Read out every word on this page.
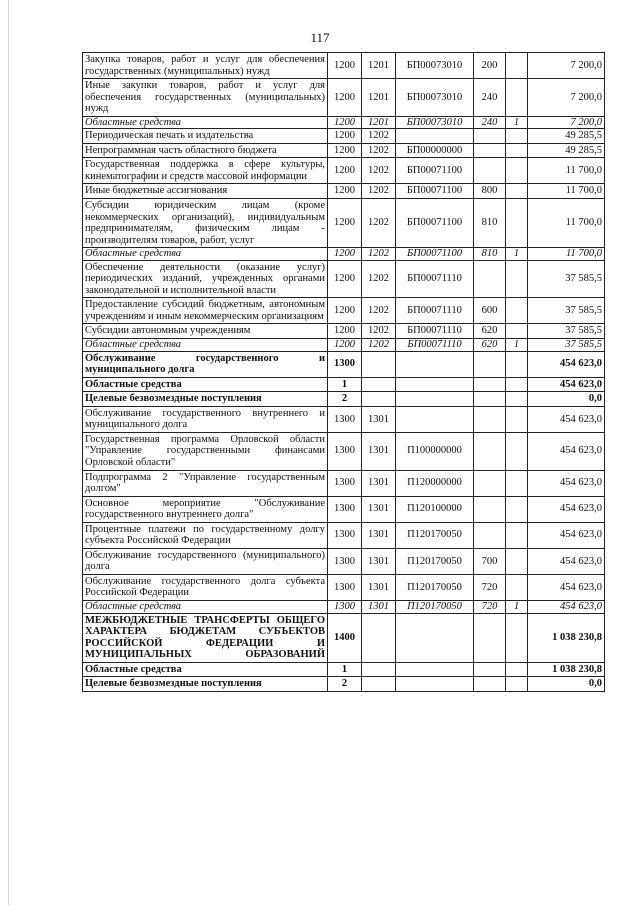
117
Закупка товаров, работ и услуг для обеспечения государственных (муниципальных) нужд	1200	1201	БП00073010	200		7 200,0
Иные закупки товаров, работ и услуг для обеспечения государственных (муниципальных) нужд	1200	1201	БП00073010	240		7 200,0
Областные средства	1200	1201	БП00073010	240	1	7 200,0
Периодическая печать и издательства	1200	1202				49 285,5
Непрограммная часть областного бюджета	1200	1202	БП00000000			49 285,5
Государственная поддержка в сфере культуры, кинематографии и средств массовой информации	1200	1202	БП00071100			11 700,0
Иные бюджетные ассигнования	1200	1202	БП00071100	800		11 700,0
Субсидии юридическим лицам (кроме некоммерческих организаций), индивидуальным предпринимателям, физическим лицам - производителям товаров, работ, услуг	1200	1202	БП00071100	810		11 700,0
Областные средства	1200	1202	БП00071100	810	1	11 700,0
Обеспечение деятельности (оказание услуг) периодических изданий, учрежденных органами законодательной и исполнительной власти	1200	1202	БП00071110			37 585,5
Предоставление субсидий бюджетным, автономным учреждениям и иным некоммерческим организациям	1200	1202	БП00071110	600		37 585,5
Субсидии автономным учреждениям	1200	1202	БП00071110	620		37 585,5
Областные средства	1200	1202	БП00071110	620	1	37 585,5
Обслуживание государственного и муниципального долга	1300					454 623,0
Областные средства	1					454 623,0
Целевые безвозмездные поступления	2					0,0
Обслуживание государственного внутреннего и муниципального долга	1300	1301				454 623,0
Государственная программа Орловской области "Управление государственными финансами Орловской области"	1300	1301	П100000000			454 623,0
Подпрограмма 2 "Управление государственным долгом"	1300	1301	П120000000			454 623,0
Основное мероприятие "Обслуживание государственного внутреннего долга"	1300	1301	П120100000			454 623,0
Процентные платежи по государственному долгу субъекта Российской Федерации	1300	1301	П120170050			454 623,0
Обслуживание государственного (муниципального) долга	1300	1301	П120170050	700		454 623,0
Обслуживание государственного долга субъекта Российской Федерации	1300	1301	П120170050	720		454 623,0
Областные средства	1300	1301	П120170050	720	1	454 623,0
МЕЖБЮДЖЕТНЫЕ ТРАНСФЕРТЫ ОБЩЕГО ХАРАКТЕРА БЮДЖЕТАМ СУБЪЕКТОВ РОССИЙСКОЙ ФЕДЕРАЦИИ И МУНИЦИПАЛЬНЫХ ОБРАЗОВАНИЙ	1400					1 038 230,8
Областные средства	1					1 038 230,8
Целевые безвозмездные поступления	2					0,0
